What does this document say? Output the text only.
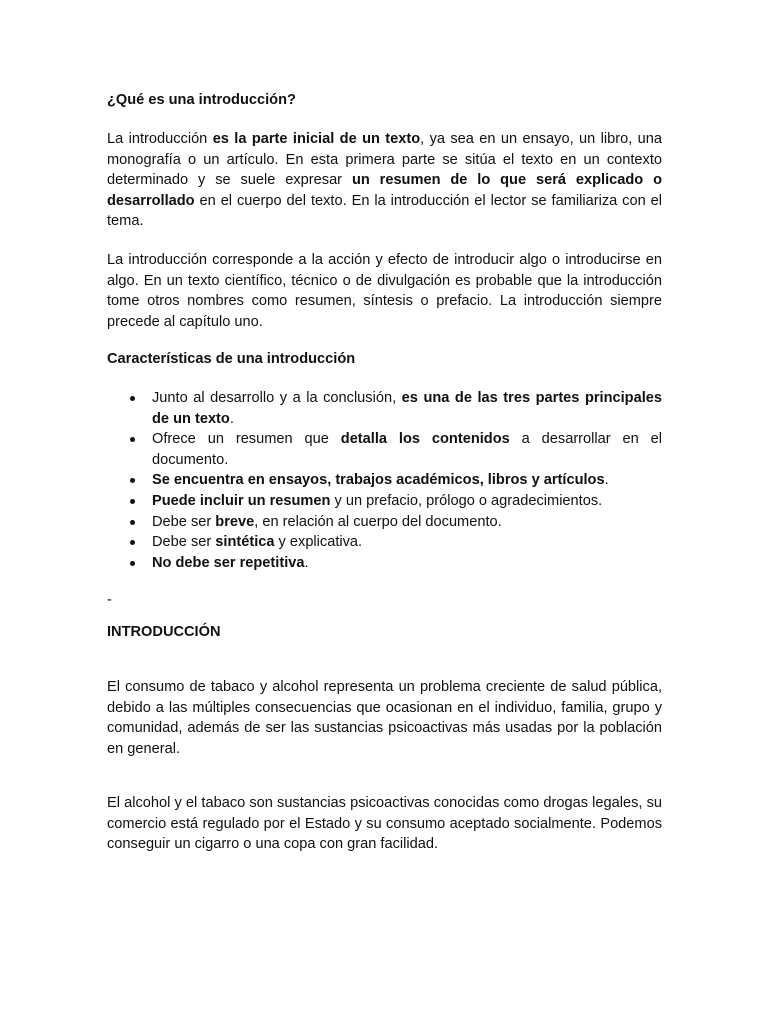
¿Qué es una introducción?

La introducción es la parte inicial de un texto, ya sea en un ensayo, un libro, una monografía o un artículo. En esta primera parte se sitúa el texto en un contexto determinado y se suele expresar un resumen de lo que será explicado o desarrollado en el cuerpo del texto. En la introducción el lector se familiariza con el tema.

La introducción corresponde a la acción y efecto de introducir algo o introducirse en algo. En un texto científico, técnico o de divulgación es probable que la introducción tome otros nombres como resumen, síntesis o prefacio. La introducción siempre precede al capítulo uno.

Características de una introducción

Junto al desarrollo y a la conclusión, es una de las tres partes principales de un texto.
Ofrece un resumen que detalla los contenidos a desarrollar en el documento.
Se encuentra en ensayos, trabajos académicos, libros y artículos.
Puede incluir un resumen y un prefacio, prólogo o agradecimientos.
Debe ser breve, en relación al cuerpo del documento.
Debe ser sintética y explicativa.
No debe ser repetitiva.

-

INTRODUCCIÓN

El consumo de tabaco y alcohol representa un problema creciente de salud pública, debido a las múltiples consecuencias que ocasionan en el individuo, familia, grupo y comunidad, además de ser las sustancias psicoactivas más usadas por la población en general.

El alcohol y el tabaco son sustancias psicoactivas conocidas como drogas legales, su comercio está regulado por el Estado y su consumo aceptado socialmente. Podemos conseguir un cigarro o una copa con gran facilidad.
